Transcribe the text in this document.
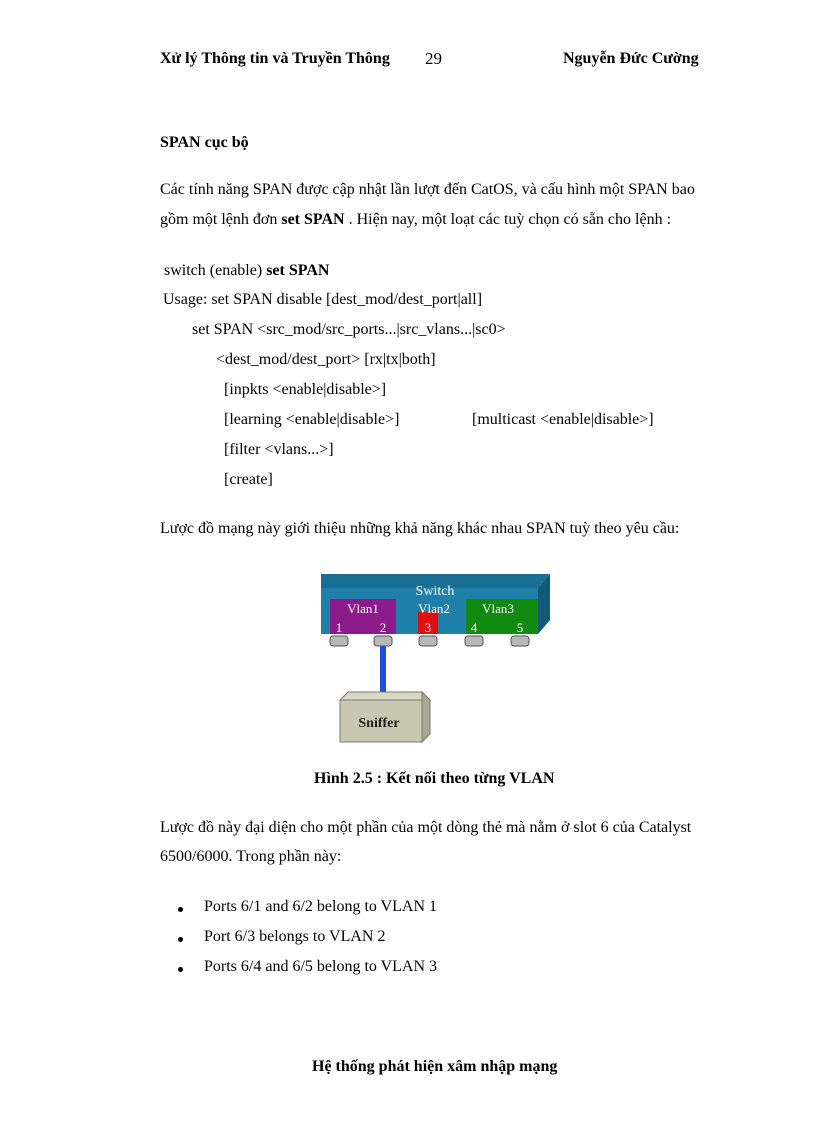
Xử lý Thông tin và Truyền Thông 29	Nguyễn Đức Cường
SPAN cục bộ
Các tính năng SPAN được cập nhật lần lượt đến CatOS, và cấu hình một SPAN bao
gồm một lệnh đơn set SPAN . Hiện nay, một loạt các tuỳ chọn có sẵn cho lệnh :
switch (enable) set SPAN
Usage: set SPAN disable [dest_mod/dest_port|all]
set SPAN <src_mod/src_ports...|src_vlans...|sc0>
<dest_mod/dest_port> [rx|tx|both]
[inpkts <enable|disable>]
[learning <enable|disable>]	[multicast <enable|disable>]
[filter <vlans...>]
[create]
Lược đồ mạng này giới thiệu những khả năng khác nhau SPAN tuỳ theo yêu cầu:
Switch
Vlan1	Vlan2 Vlan3
1	2	3	4	5
Sniffer
Hình 2.5 : Kết nối theo từng VLAN
Lược đồ này đại diện cho một phần của một dòng thẻ mà nằm ở slot 6 của Catalyst
6500/6000. Trong phần này:
Ports 6/1 and 6/2 belong to VLAN 1
Port 6/3 belongs to VLAN 2
Ports 6/4 and 6/5 belong to VLAN 3
Hệ thống phát hiện xâm nhập mạng
